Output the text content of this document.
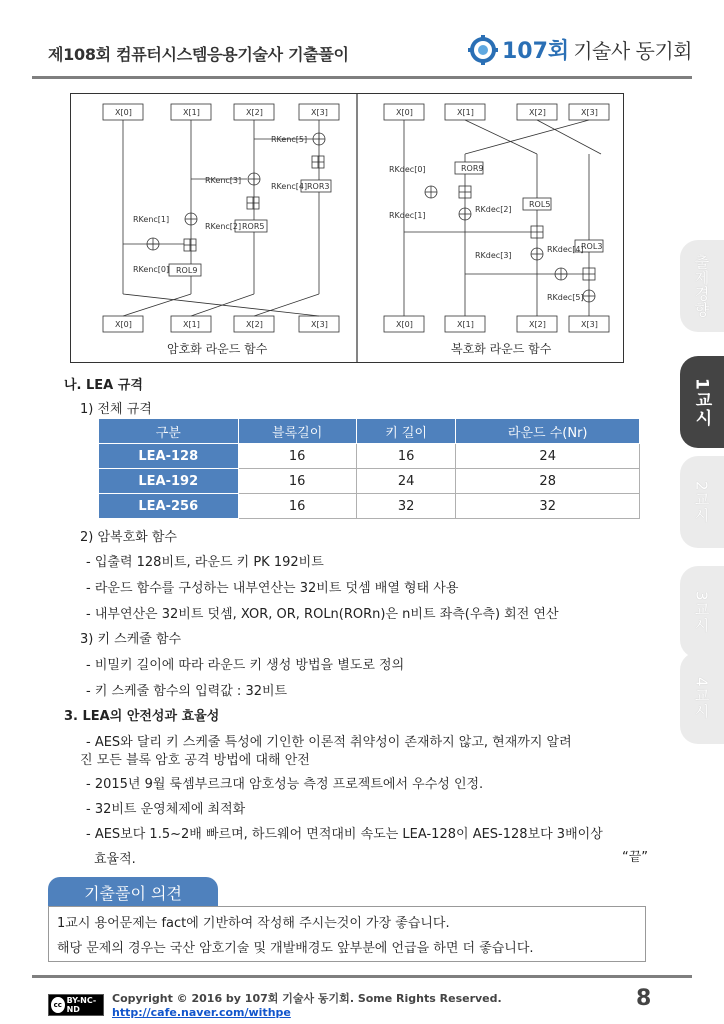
제108회 컴퓨터시스템응용기술사 기출풀이	107회 기술사 동기회
X[0]	X[1]	X[2]	X[3]
X[0]	X[1]	X[2]	X[3]
RKenc[5]
RKenc[3]
RKenc[4]
RKenc[1]
RKenc[2]
RKenc[0]
ROR3
ROR5
ROL9
X[0]	X[1]	X[2]	X[3]
X[0]	X[1]	X[2]	X[3]
RKdec[0]
RKdec[1]
RKdec[2]
RKdec[4]
RKdec[3]
RKdec[5]
ROR9
ROL5
ROL3
암호화 라운드 함수	복호화 라운드 함수
출제경향
1교시
2교시
3교시
4교시
나. LEA 규격
1) 전체 규격
구분	블록길이	키 길이	라운드 수(Nr)
LEA-128	16	16	24
LEA-192	16	24	28
LEA-256	16	32	32
2) 암복호화 함수
- 입출력 128비트, 라운드 키 PK 192비트
- 라운드 함수를 구성하는 내부연산는 32비트 덧셈 배열 형태 사용
- 내부연산은 32비트 덧셈, XOR, OR, ROLn(RORn)은 n비트 좌측(우측) 회전 연산
3) 키 스케줄 함수
- 비밀키 길이에 따라 라운드 키 생성 방법을 별도로 정의
- 키 스케줄 함수의 입력값 : 32비트
3. LEA의 안전성과 효율성
- AES와 달리 키 스케줄 특성에 기인한 이론적 취약성이 존재하지 않고, 현재까지 알려
진 모든 블록 암호 공격 방법에 대해 안전
- 2015년 9월 룩셈부르크대 암호성능 측정 프로젝트에서 우수성 인정.
- 32비트 운영체제에 최적화
- AES보다 1.5~2배 빠르며, 하드웨어 면적대비 속도는 LEA-128이 AES-128보다 3배이상
효율적.	“끝”
기출풀이 의견
1교시 용어문제는 fact에 기반하여 작성해 주시는것이 가장 좋습니다.
해당 문제의 경우는 국산 암호기술 및 개발배경도 앞부분에 언급을 하면 더 좋습니다.
cc BY-NC-ND
Copyright © 2016 by 107회 기술사 동기회. Some Rights Reserved.
http://cafe.naver.com/withpe
8
